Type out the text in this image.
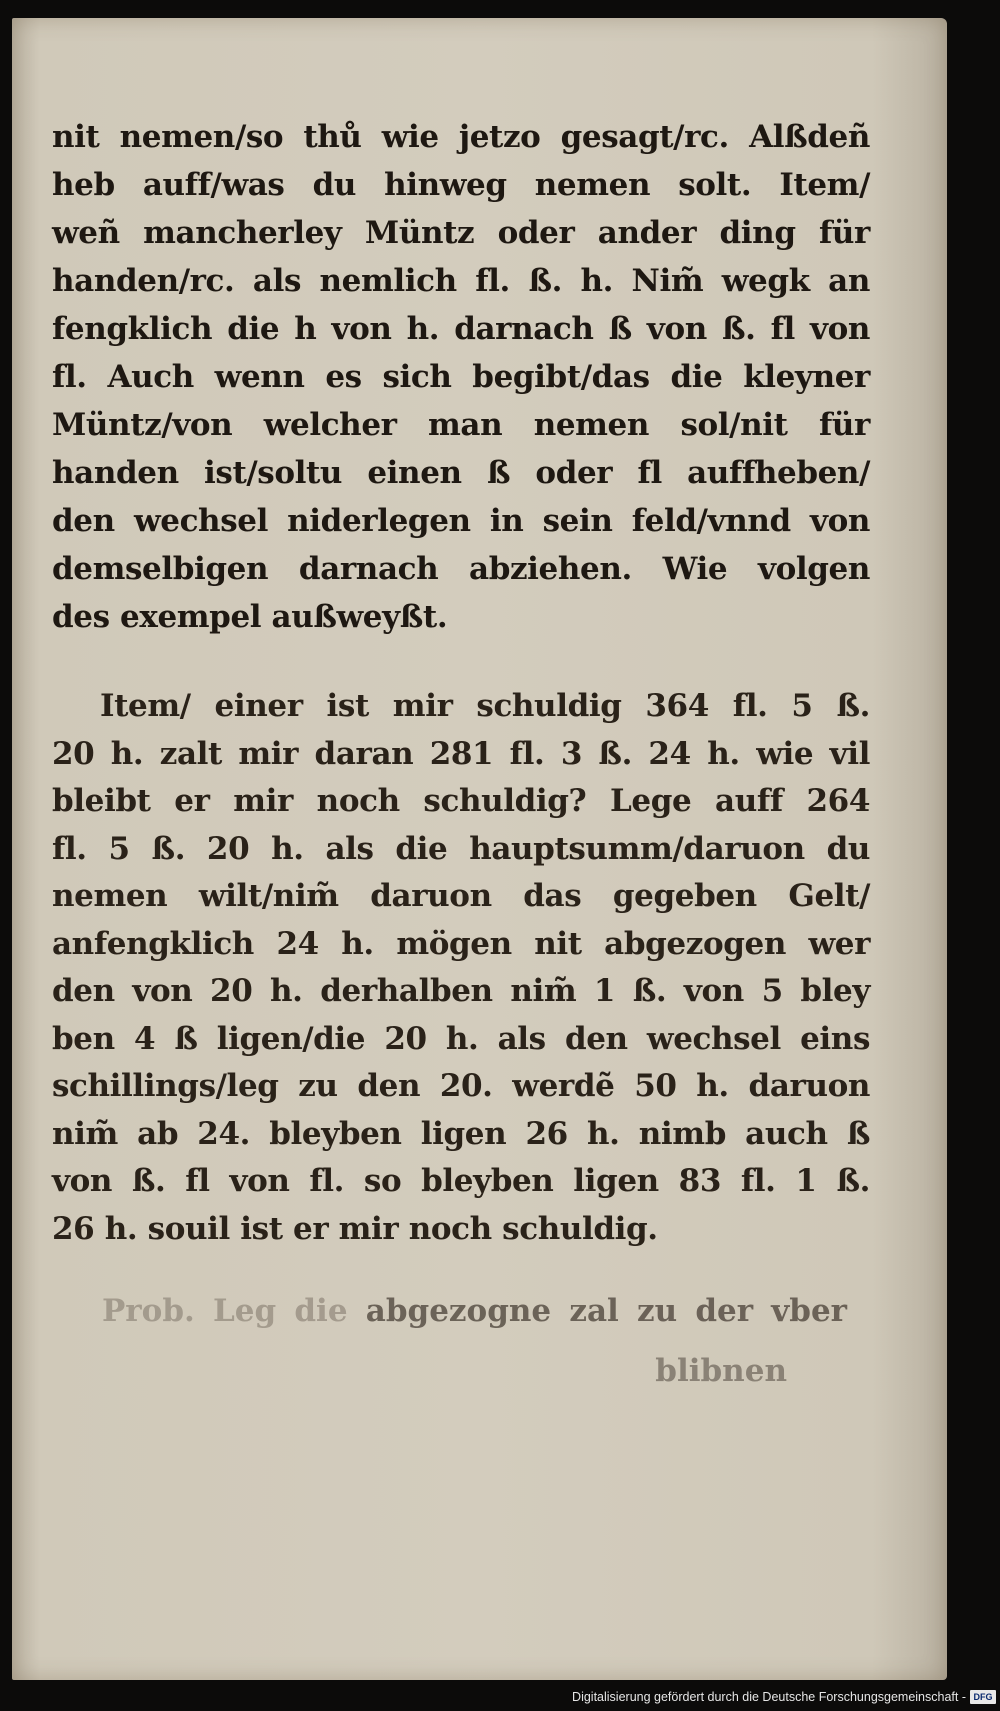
nit nemen/so thů wie jetzo gesagt/rc. Alßdeñ
heb auff/was du hinweg nemen solt. Item/
weñ mancherley Müntz oder ander ding für
handen/rc. als nemlich fl. ß. h. Nim̃ wegk an
fengklich die h von h. darnach ß von ß. fl von
fl. Auch wenn es sich begibt/das die kleyner
Müntz/von welcher man nemen sol/nit für
handen ist/soltu einen ß oder fl auffheben/
den wechsel niderlegen in sein feld/vnnd von
demselbigen darnach abziehen. Wie volgen
des exempel außweyßt.
Item/ einer ist mir schuldig 364 fl. 5 ß.
20 h. zalt mir daran 281 fl. 3 ß. 24 h. wie vil
bleibt er mir noch schuldig? Lege auff 264
fl. 5 ß. 20 h. als die hauptsumm/daruon du
nemen wilt/nim̃ daruon das gegeben Gelt/
anfengklich 24 h. mögen nit abgezogen wer
den von 20 h. derhalben nim̃ 1 ß. von 5 bley
ben 4 ß ligen/die 20 h. als den wechsel eins
schillings/leg zu den 20. werdẽ 50 h. daruon
nim̃ ab 24. bleyben ligen 26 h. nimb auch ß
von ß. fl von fl. so bleyben ligen 83 fl. 1 ß.
26 h. souil ist er mir noch schuldig.
Prob. Leg die abgezogne zal zu der vber
blibnen
Digitalisierung gefördert durch die Deutsche Forschungsgemeinschaft - DFG
